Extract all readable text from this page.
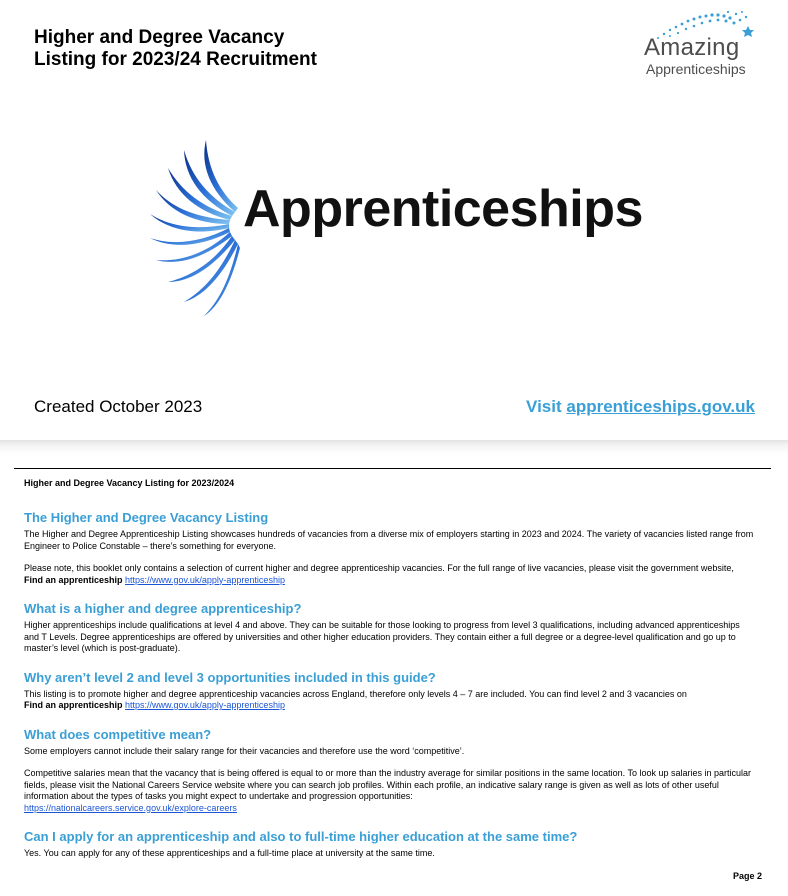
Higher and Degree Vacancy
Listing for 2023/24 Recruitment	Amazing
Apprenticeships
Apprenticeships
Created October 2023	Visit apprenticeships.gov.uk
Higher and Degree Vacancy Listing for 2023/2024
The Higher and Degree Vacancy Listing
The Higher and Degree Apprenticeship Listing showcases hundreds of vacancies from a diverse mix of employers starting in 2023 and 2024. The variety of vacancies listed range from Engineer to Police Constable – there’s something for everyone.
Please note, this booklet only contains a selection of current higher and degree apprenticeship vacancies. For the full range of live vacancies, please visit the government website, Find an apprenticeship https://www.gov.uk/apply-apprenticeship
What is a higher and degree apprenticeship?
Higher apprenticeships include qualifications at level 4 and above. They can be suitable for those looking to progress from level 3 qualifications, including advanced apprenticeships and T Levels. Degree apprenticeships are offered by universities and other higher education providers. They contain either a full degree or a degree-level qualification and go up to master’s level (which is post-graduate).
Why aren’t level 2 and level 3 opportunities included in this guide?
This listing is to promote higher and degree apprenticeship vacancies across England, therefore only levels 4 – 7 are included. You can find level 2 and 3 vacancies on
Find an apprenticeship https://www.gov.uk/apply-apprenticeship
What does competitive mean?
Some employers cannot include their salary range for their vacancies and therefore use the word ‘competitive’.
Competitive salaries mean that the vacancy that is being offered is equal to or more than the industry average for similar positions in the same location. To look up salaries in particular fields, please visit the National Careers Service website where you can search job profiles. Within each profile, an indicative salary range is given as well as lots of other useful information about the types of tasks you might expect to undertake and progression opportunities:
https://nationalcareers.service.gov.uk/explore-careers
Can I apply for an apprenticeship and also to full-time higher education at the same time?
Yes. You can apply for any of these apprenticeships and a full-time place at university at the same time.
Page 2
